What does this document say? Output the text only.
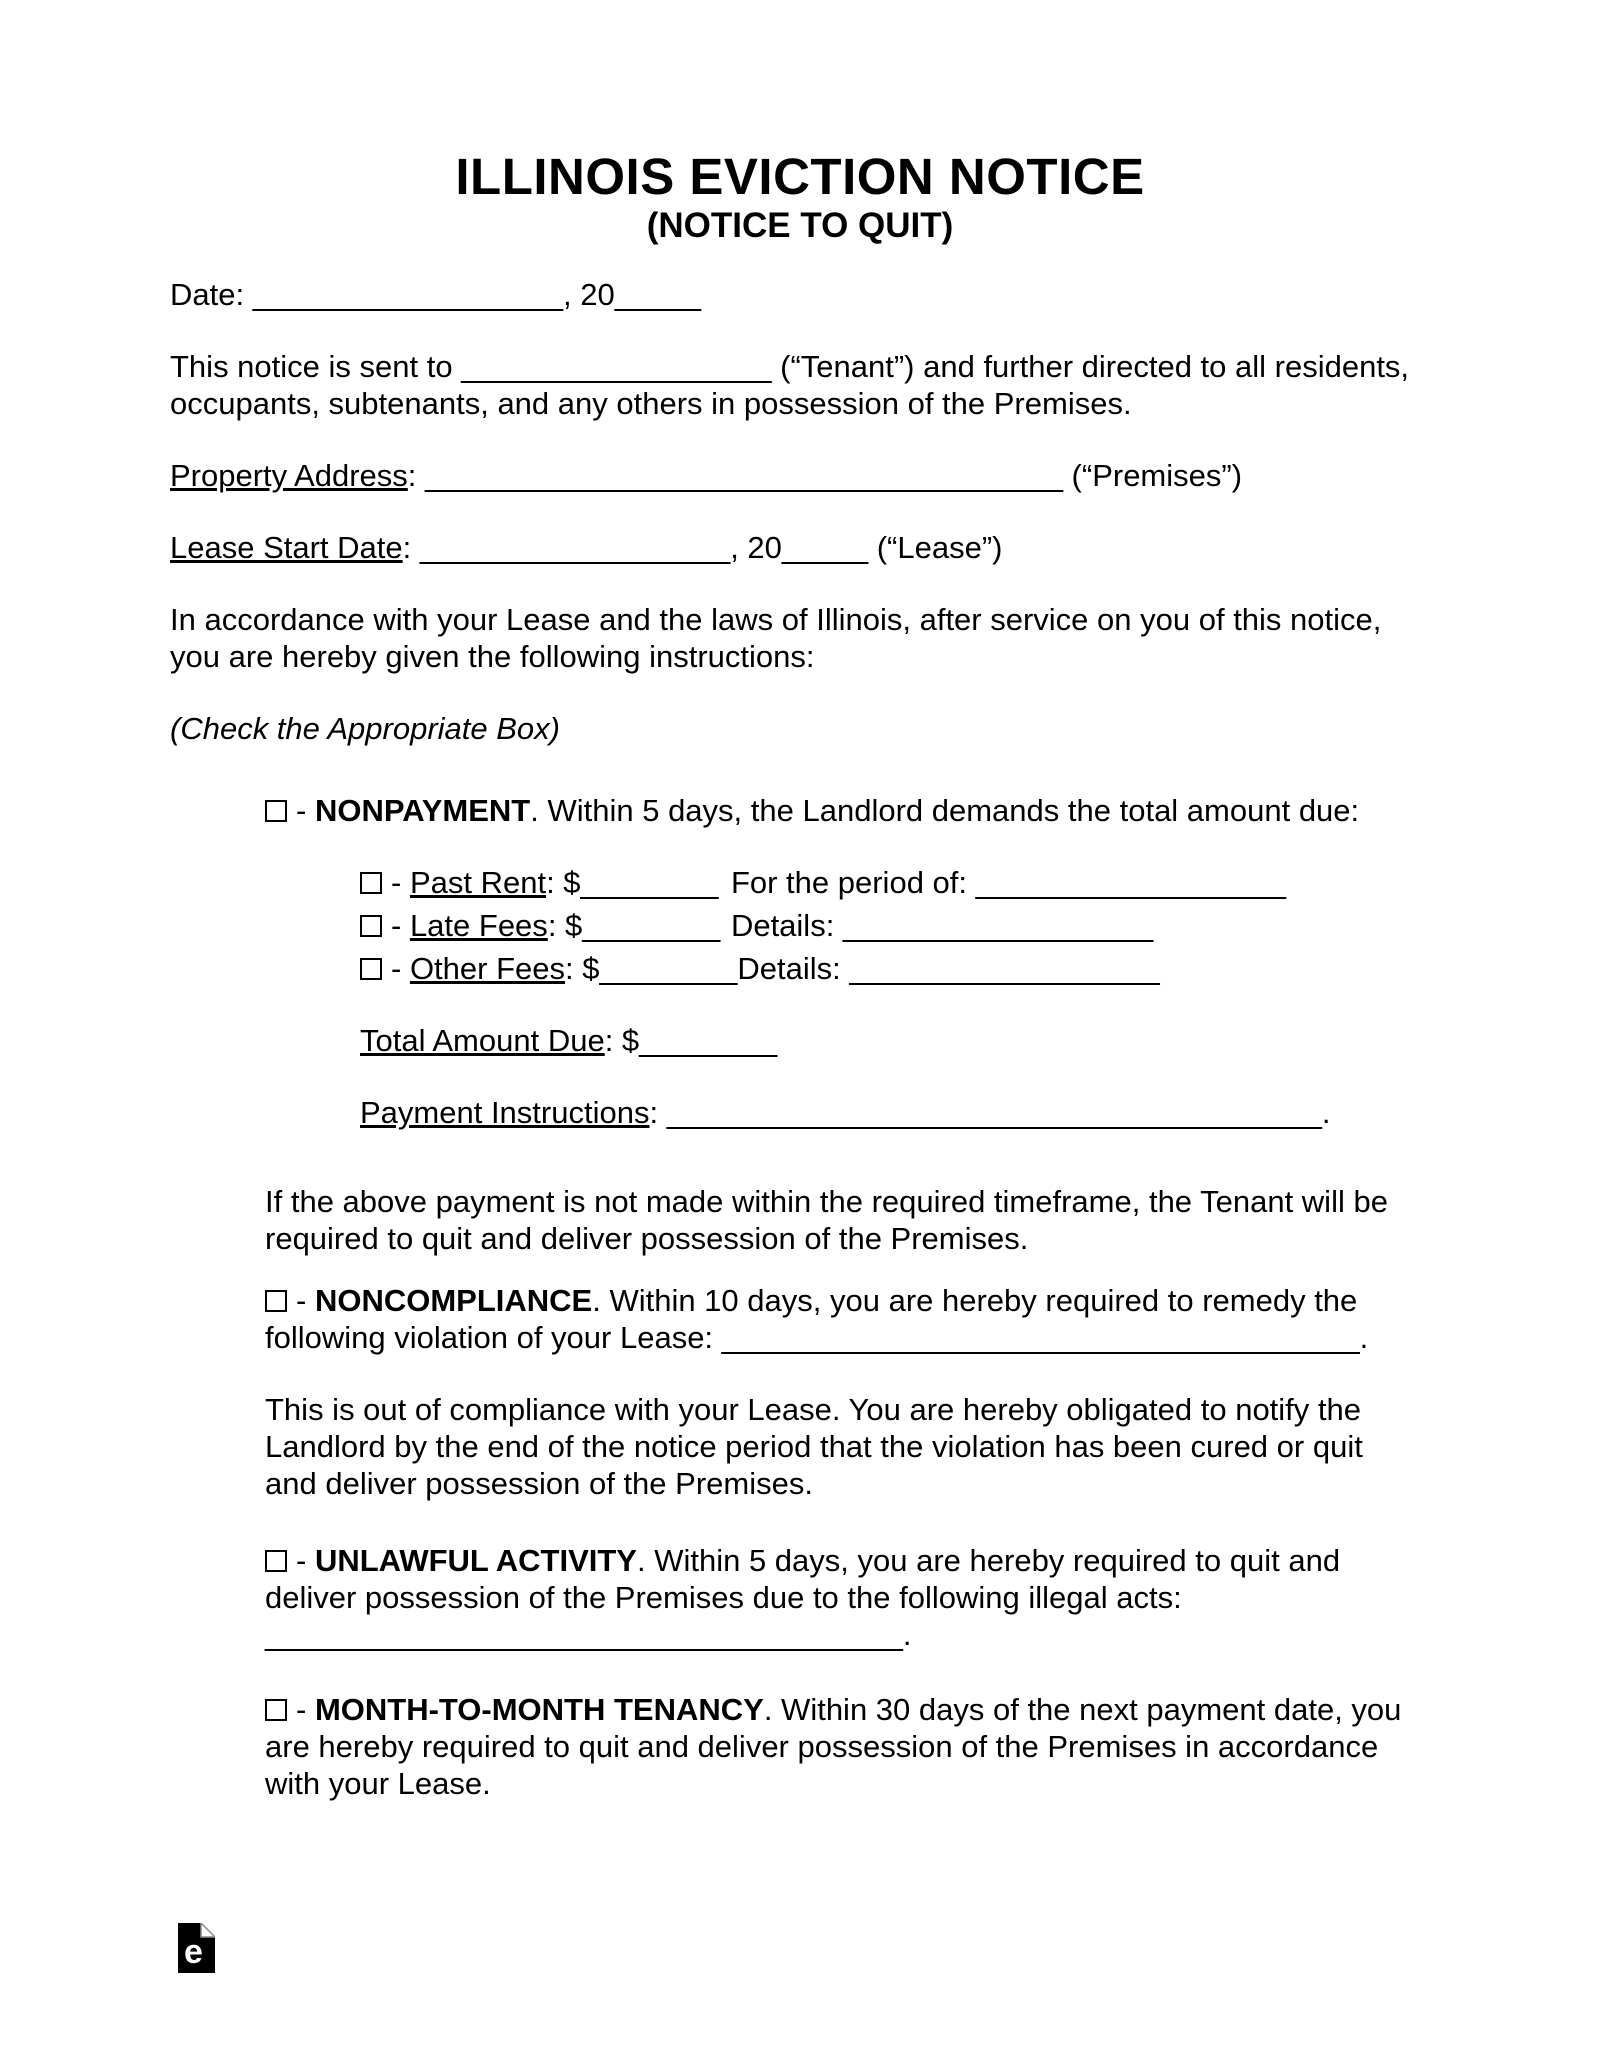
ILLINOIS EVICTION NOTICE
(NOTICE TO QUIT)

Date: __________________, 20_____

This notice is sent to __________________ (“Tenant”) and further directed to all residents,
occupants, subtenants, and any others in possession of the Premises.

Property Address: _____________________________________ (“Premises”)

Lease Start Date: __________________, 20_____ (“Lease”)

In accordance with your Lease and the laws of Illinois, after service on you of this notice,
you are hereby given the following instructions:

(Check the Appropriate Box)

- NONPAYMENT. Within 5 days, the Landlord demands the total amount due:

- Past Rent: $________ For the period of: __________________

- Late Fees: $________ Details: __________________

- Other Fees: $________Details: __________________

Total Amount Due: $________

Payment Instructions: ______________________________________.

If the above payment is not made within the required timeframe, the Tenant will be
required to quit and deliver possession of the Premises.

- NONCOMPLIANCE. Within 10 days, you are hereby required to remedy the
following violation of your Lease: _____________________________________.

This is out of compliance with your Lease. You are hereby obligated to notify the
Landlord by the end of the notice period that the violation has been cured or quit
and deliver possession of the Premises.

- UNLAWFUL ACTIVITY. Within 5 days, you are hereby required to quit and
deliver possession of the Premises due to the following illegal acts:
_____________________________________.

- MONTH-TO-MONTH TENANCY. Within 30 days of the next payment date, you
are hereby required to quit and deliver possession of the Premises in accordance
with your Lease.

e
